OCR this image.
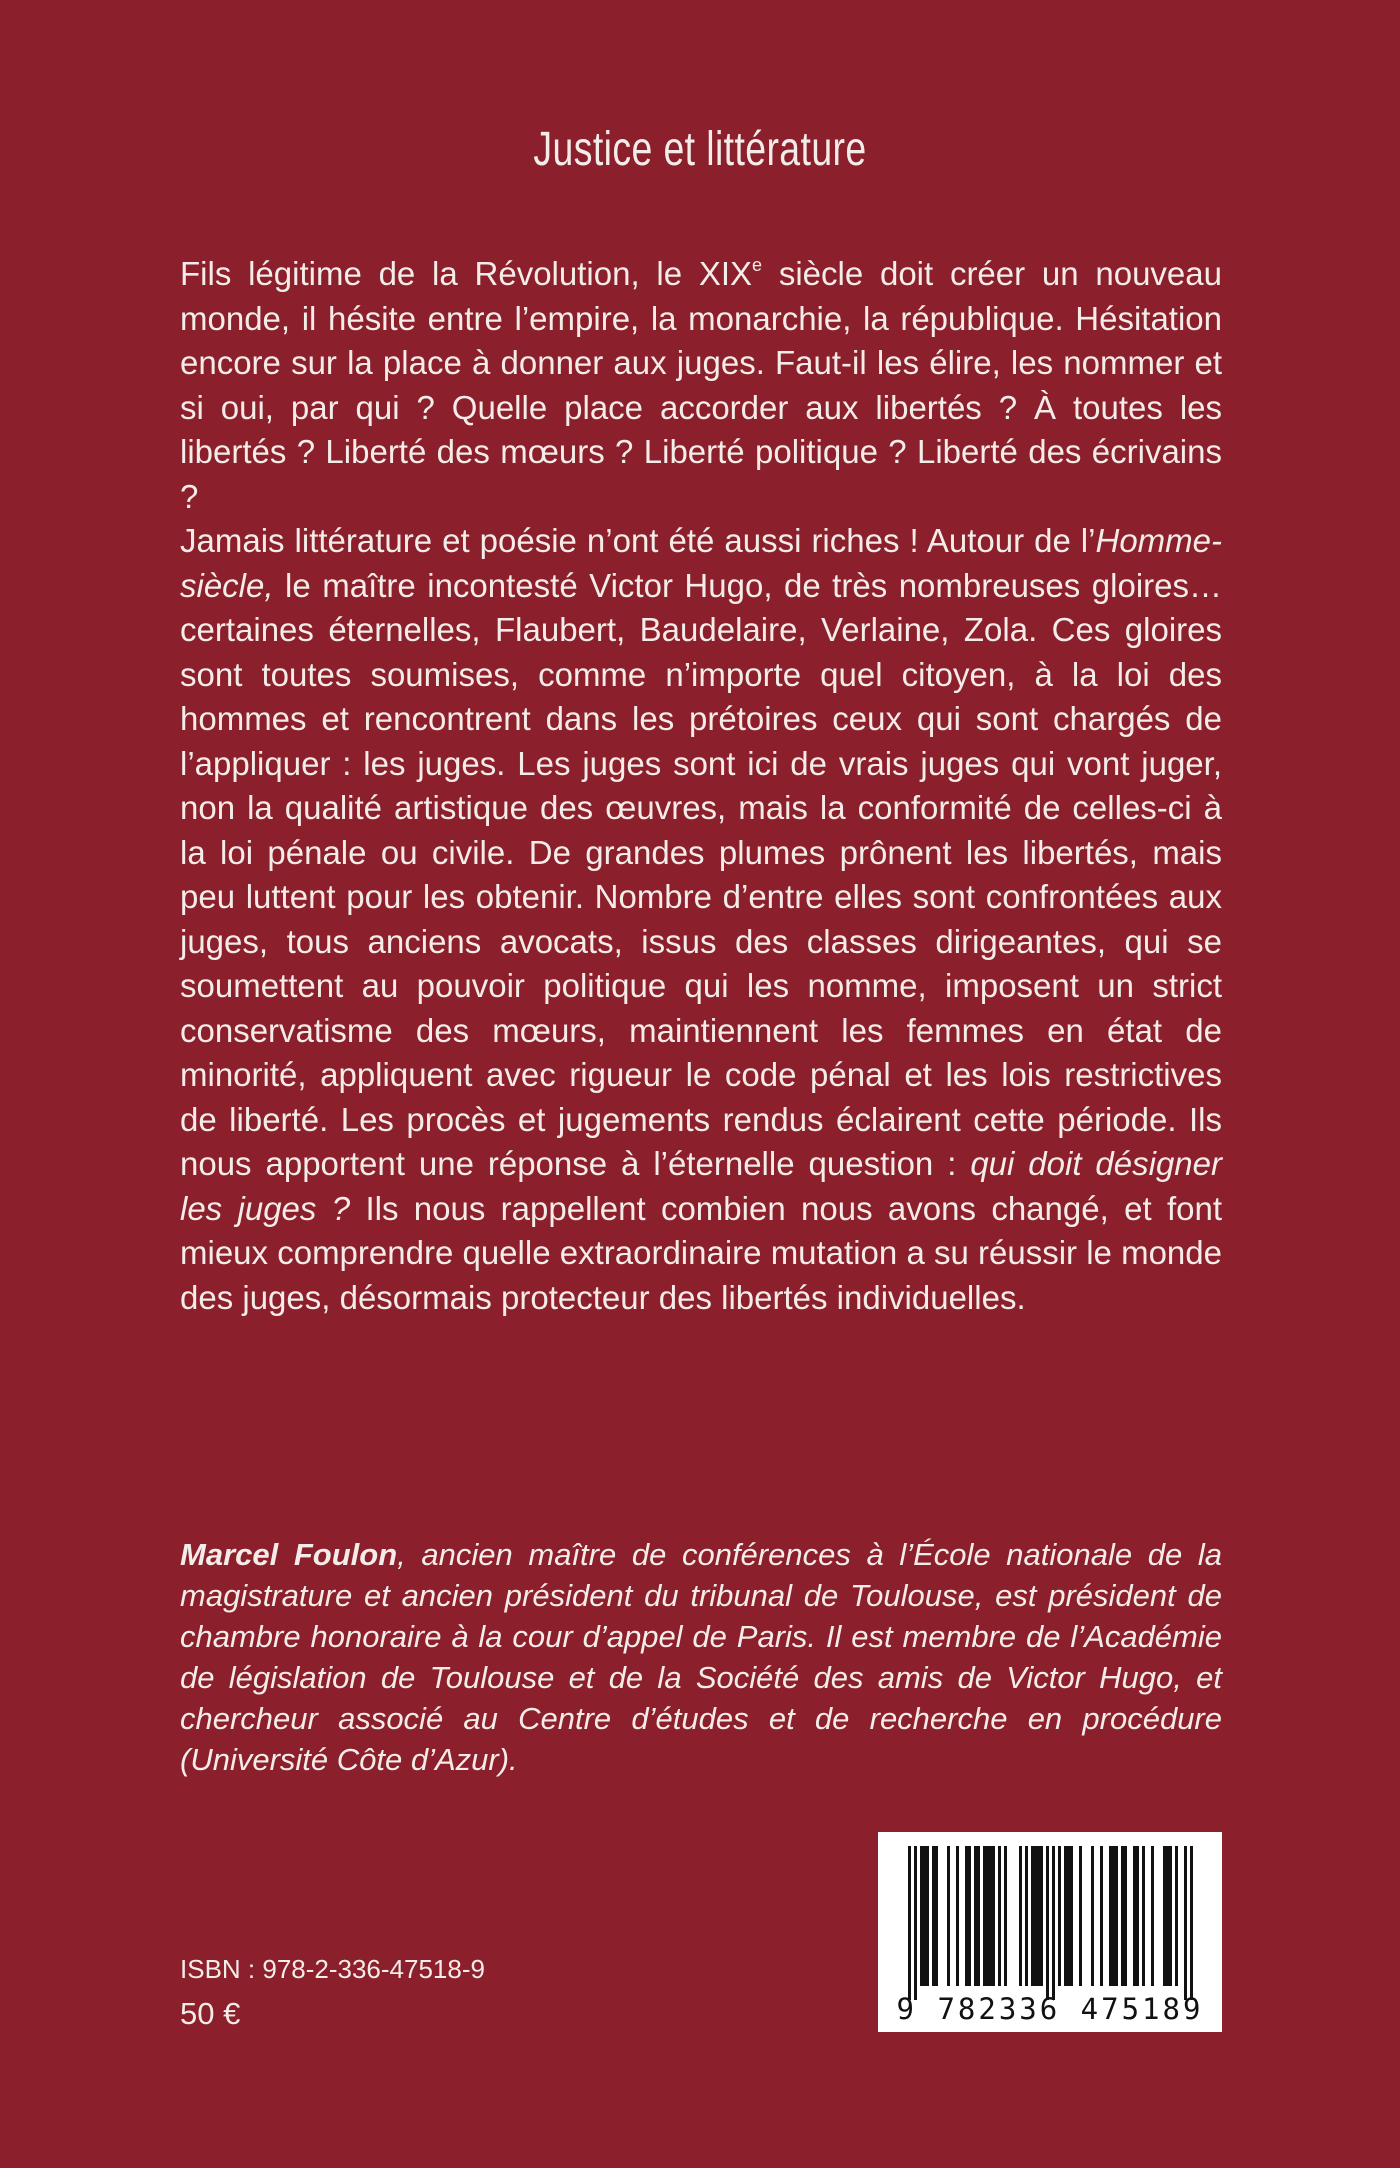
Justice et littérature

Fils légitime de la Révolution, le XIXe siècle doit créer un nouveau monde, il hésite entre l’empire, la monarchie, la république. Hésitation encore sur la place à donner aux juges. Faut-il les élire, les nommer et si oui, par qui ? Quelle place accorder aux libertés ? À toutes les libertés ? Liberté des mœurs ? Liberté politique ? Liberté des écrivains ?

Jamais littérature et poésie n’ont été aussi riches ! Autour de l’Homme-siècle, le maître incontesté Victor Hugo, de très nombreuses gloires… certaines éternelles, Flaubert, Baudelaire, Verlaine, Zola. Ces gloires sont toutes soumises, comme n’importe quel citoyen, à la loi des hommes et rencontrent dans les prétoires ceux qui sont chargés de l’appliquer : les juges. Les juges sont ici de vrais juges qui vont juger, non la qualité artistique des œuvres, mais la conformité de celles-ci à la loi pénale ou civile. De grandes plumes prônent les libertés, mais peu luttent pour les obtenir. Nombre d’entre elles sont confrontées aux juges, tous anciens avocats, issus des classes dirigeantes, qui se soumettent au pouvoir politique qui les nomme, imposent un strict conservatisme des mœurs, maintiennent les femmes en état de minorité, appliquent avec rigueur le code pénal et les lois restrictives de liberté. Les procès et jugements rendus éclairent cette période. Ils nous apportent une réponse à l’éternelle question : qui doit désigner les juges ? Ils nous rappellent combien nous avons changé, et font mieux comprendre quelle extraordinaire mutation a su réussir le monde des juges, désormais protecteur des libertés individuelles.

Marcel Foulon, ancien maître de conférences à l’École nationale de la magistrature et ancien président du tribunal de Toulouse, est président de chambre honoraire à la cour d’appel de Paris. Il est membre de l’Académie de législation de Toulouse et de la Société des amis de Victor Hugo, et chercheur associé au Centre d’études et de recherche en procédure (Université Côte d’Azur).

ISBN : 978-2-336-47518-9
50 €	9 782336 475189
